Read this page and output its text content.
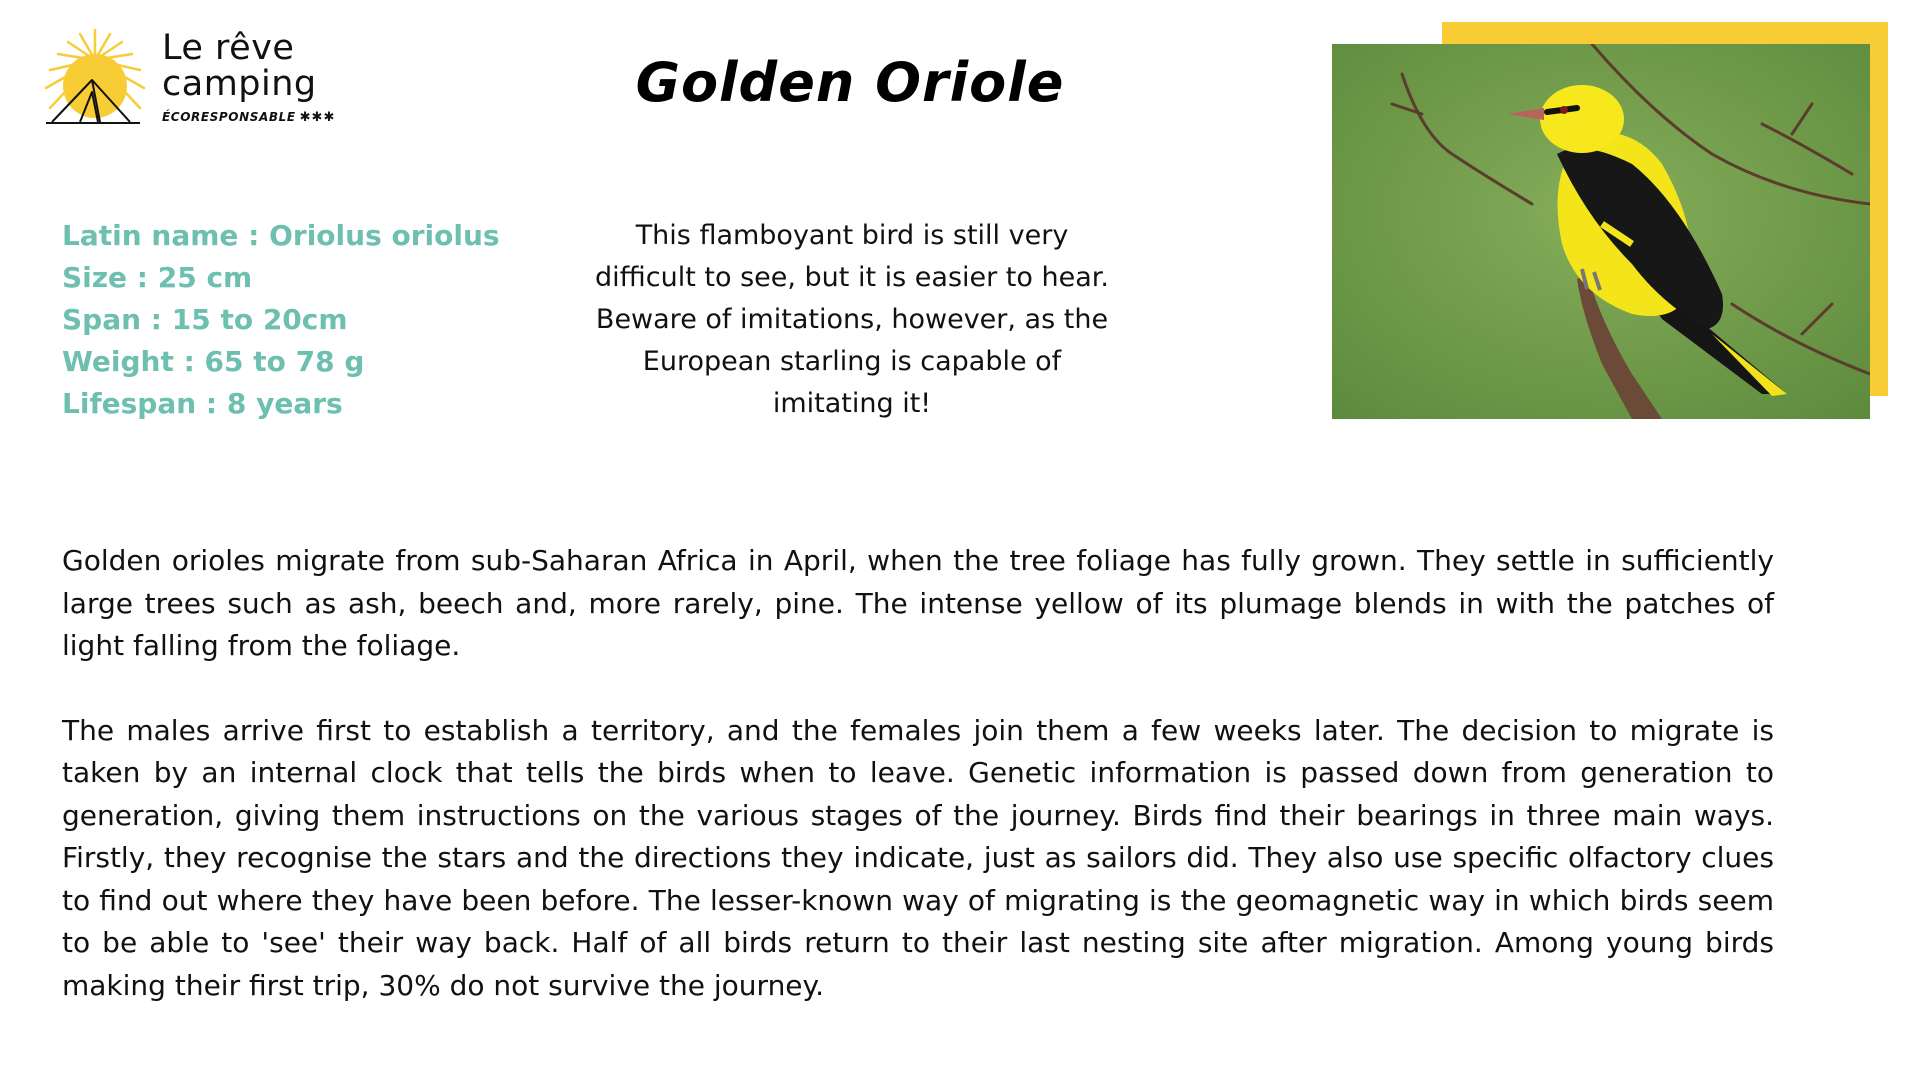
Le rêve
camping
ÉCORESPONSABLE ✱✱✱
Golden Oriole
Latin name : Oriolus oriolus
Size : 25 cm
Span : 15 to 20cm
Weight : 65 to 78 g
Lifespan : 8 years
This flamboyant bird is still very difficult to see, but it is easier to hear. Beware of imitations, however, as the European starling is capable of imitating it!

Golden orioles migrate from sub-Saharan Africa in April, when the tree foliage has fully grown. They settle in sufficiently large trees such as ash, beech and, more rarely, pine. The intense yellow of its plumage blends in with the patches of light falling from the foliage.

The males arrive first to establish a territory, and the females join them a few weeks later. The decision to migrate is taken by an internal clock that tells the birds when to leave. Genetic information is passed down from generation to generation, giving them instructions on the various stages of the journey. Birds find their bearings in three main ways. Firstly, they recognise the stars and the directions they indicate, just as sailors did. They also use specific olfactory clues to find out where they have been before. The lesser-known way of migrating is the geomagnetic way in which birds seem to be able to 'see' their way back. Half of all birds return to their last nesting site after migration. Among young birds making their first trip, 30% do not survive the journey.
